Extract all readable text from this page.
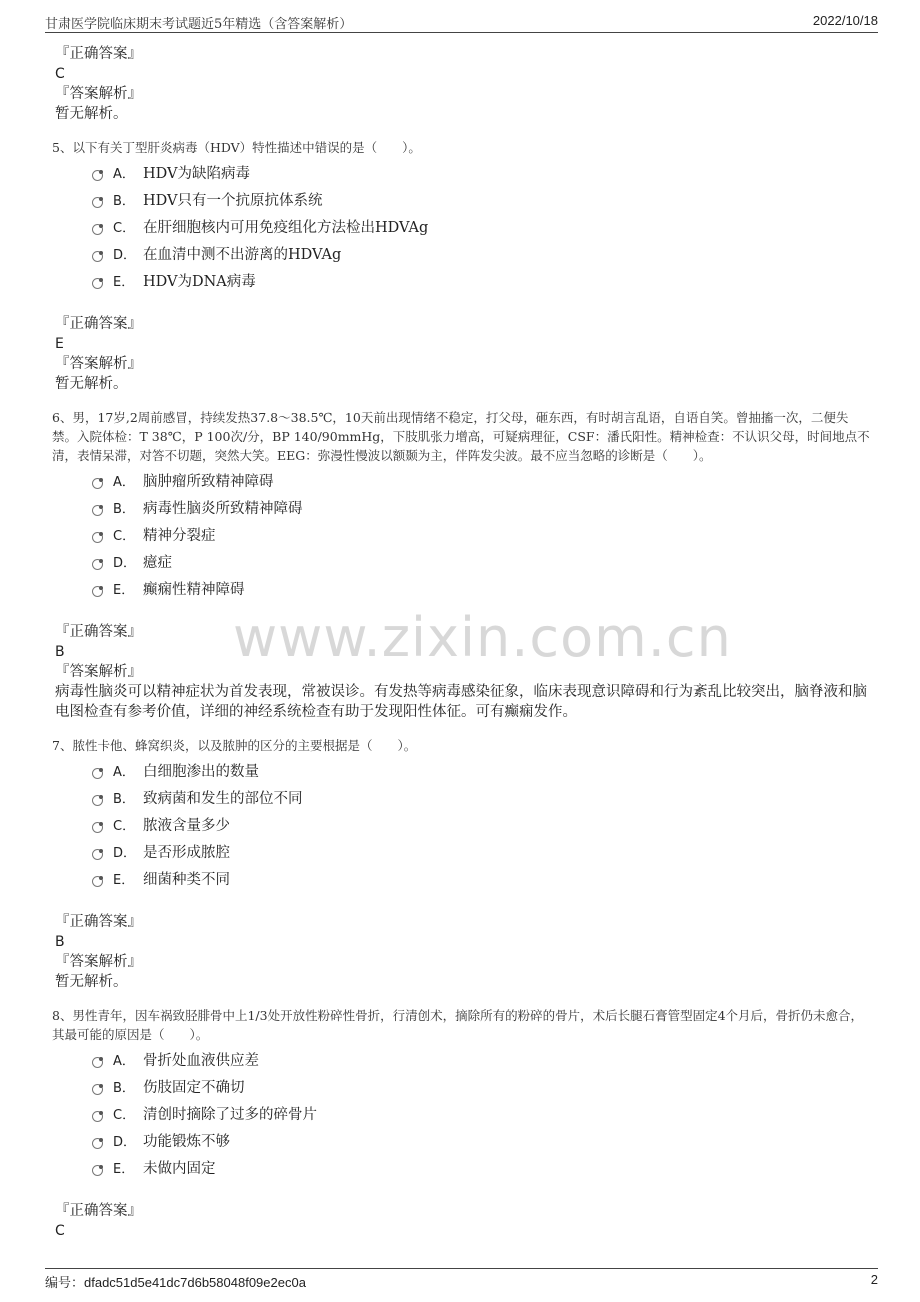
甘肃医学院临床期末考试题近5年精选（含答案解析）	2022/10/18
www.zixin.com.cn
『正确答案』
C
『答案解析』
暂无解析。
5、以下有关丁型肝炎病毒（HDV）特性描述中错误的是（　　）。
A． HDV为缺陷病毒
B． HDV只有一个抗原抗体系统
C． 在肝细胞核内可用免疫组化方法检出HDVAg
D． 在血清中测不出游离的HDVAg
E． HDV为DNA病毒
『正确答案』
E
『答案解析』
暂无解析。
6、男，17岁,2周前感冒，持续发热37.8～38.5℃，10天前出现情绪不稳定，打父母，砸东西，有时胡言乱语，自语自笑。曾抽搐一次，二便失禁。入院体检：T 38℃，P 100次/分，BP 140/90mmHg，下肢肌张力增高，可疑病理征，CSF：潘氏阳性。精神检查：不认识父母，时间地点不清，表情呆滞，对答不切题，突然大笑。EEG：弥漫性慢波以额颞为主，伴阵发尖波。最不应当忽略的诊断是（　　）。
A． 脑肿瘤所致精神障碍
B． 病毒性脑炎所致精神障碍
C． 精神分裂症
D． 癔症
E． 癫痫性精神障碍
『正确答案』
B
『答案解析』
病毒性脑炎可以精神症状为首发表现，常被误诊。有发热等病毒感染征象，临床表现意识障碍和行为紊乱比较突出，脑脊液和脑电图检查有参考价值，详细的神经系统检查有助于发现阳性体征。可有癫痫发作。
7、脓性卡他、蜂窝织炎，以及脓肿的区分的主要根据是（　　）。
A． 白细胞渗出的数量
B． 致病菌和发生的部位不同
C． 脓液含量多少
D． 是否形成脓腔
E． 细菌种类不同
『正确答案』
B
『答案解析』
暂无解析。
8、男性青年，因车祸致胫腓骨中上1/3处开放性粉碎性骨折，行清创术，摘除所有的粉碎的骨片，术后长腿石膏管型固定4个月后，骨折仍未愈合，其最可能的原因是（　　）。
A． 骨折处血液供应差
B． 伤肢固定不确切
C． 清创时摘除了过多的碎骨片
D． 功能锻炼不够
E． 未做内固定
『正确答案』
C
编号：dfadc51d5e41dc7d6b58048f09e2ec0a	2
